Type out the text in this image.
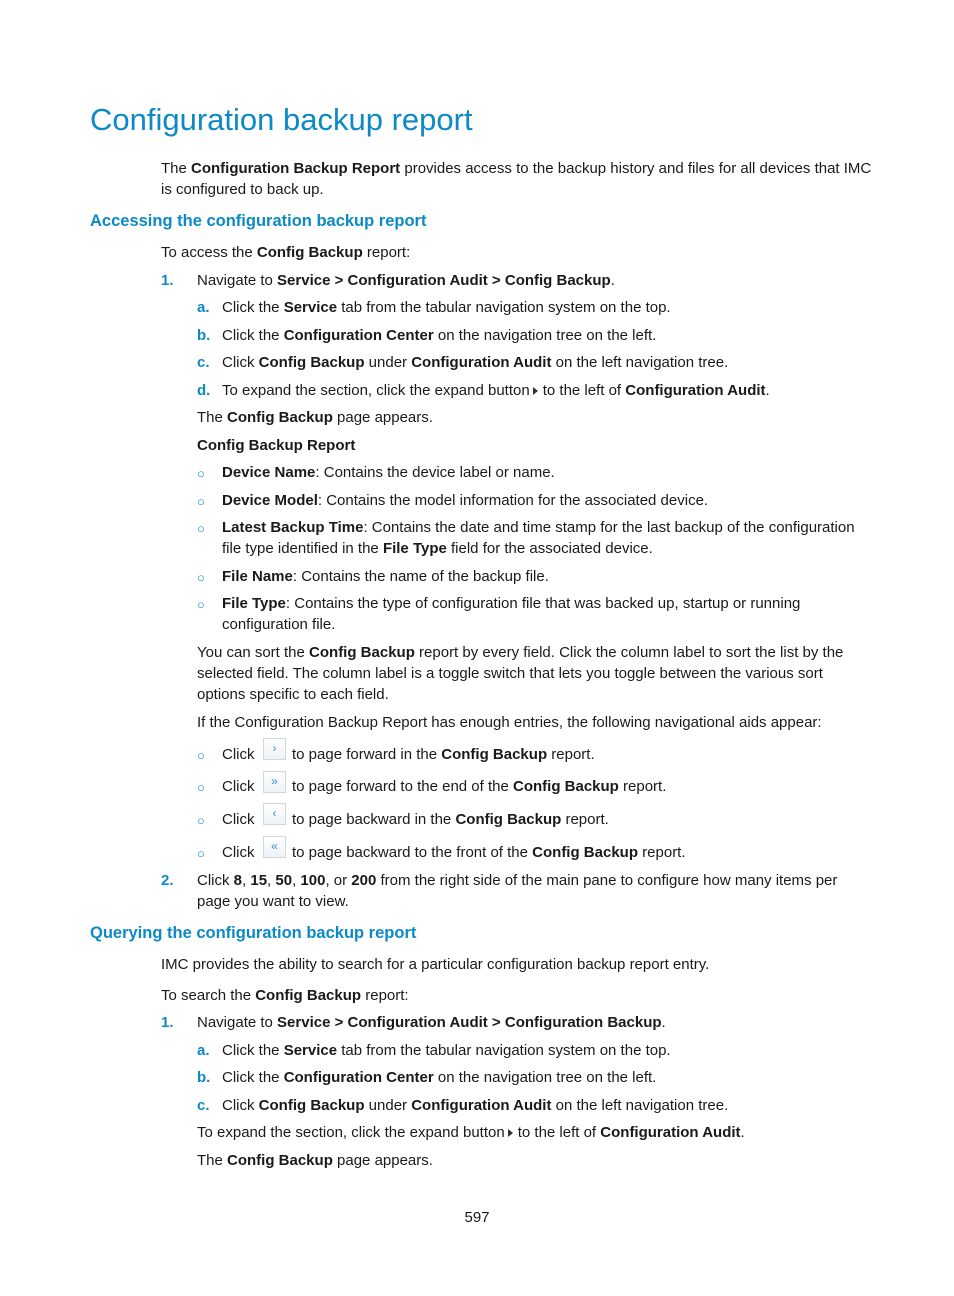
Configuration backup report
The Configuration Backup Report provides access to the backup history and files for all devices that IMC
is configured to back up.
Accessing the configuration backup report
To access the Config Backup report:
1. Navigate to Service > Configuration Audit > Config Backup.
a. Click the Service tab from the tabular navigation system on the top.
b. Click the Configuration Center on the navigation tree on the left.
c. Click Config Backup under Configuration Audit on the left navigation tree.
d. To expand the section, click the expand button to the left of Configuration Audit.
The Config Backup page appears.
Config Backup Report
○ Device Name: Contains the device label or name.
○ Device Model: Contains the model information for the associated device.
○ Latest Backup Time: Contains the date and time stamp for the last backup of the configuration
file type identified in the File Type field for the associated device.
○ File Name: Contains the name of the backup file.
○ File Type: Contains the type of configuration file that was backed up, startup or running
configuration file.
You can sort the Config Backup report by every field. Click the column label to sort the list by the
selected field. The column label is a toggle switch that lets you toggle between the various sort
options specific to each field.
If the Configuration Backup Report has enough entries, the following navigational aids appear:
○ Click	›	to page forward in the Config Backup report.
○ Click	» to page forward to the end of the Config Backup report.
○ Click	‹	to page backward in the Config Backup report.
○ Click	« to page backward to the front of the Config Backup report.
2. Click 8, 15, 50, 100, or 200 from the right side of the main pane to configure how many items per
page you want to view.
Querying the configuration backup report
IMC provides the ability to search for a particular configuration backup report entry.
To search the Config Backup report:
1. Navigate to Service > Configuration Audit > Configuration Backup.
a. Click the Service tab from the tabular navigation system on the top.
b. Click the Configuration Center on the navigation tree on the left.
c. Click Config Backup under Configuration Audit on the left navigation tree.
To expand the section, click the expand button to the left of Configuration Audit.
The Config Backup page appears.
597
